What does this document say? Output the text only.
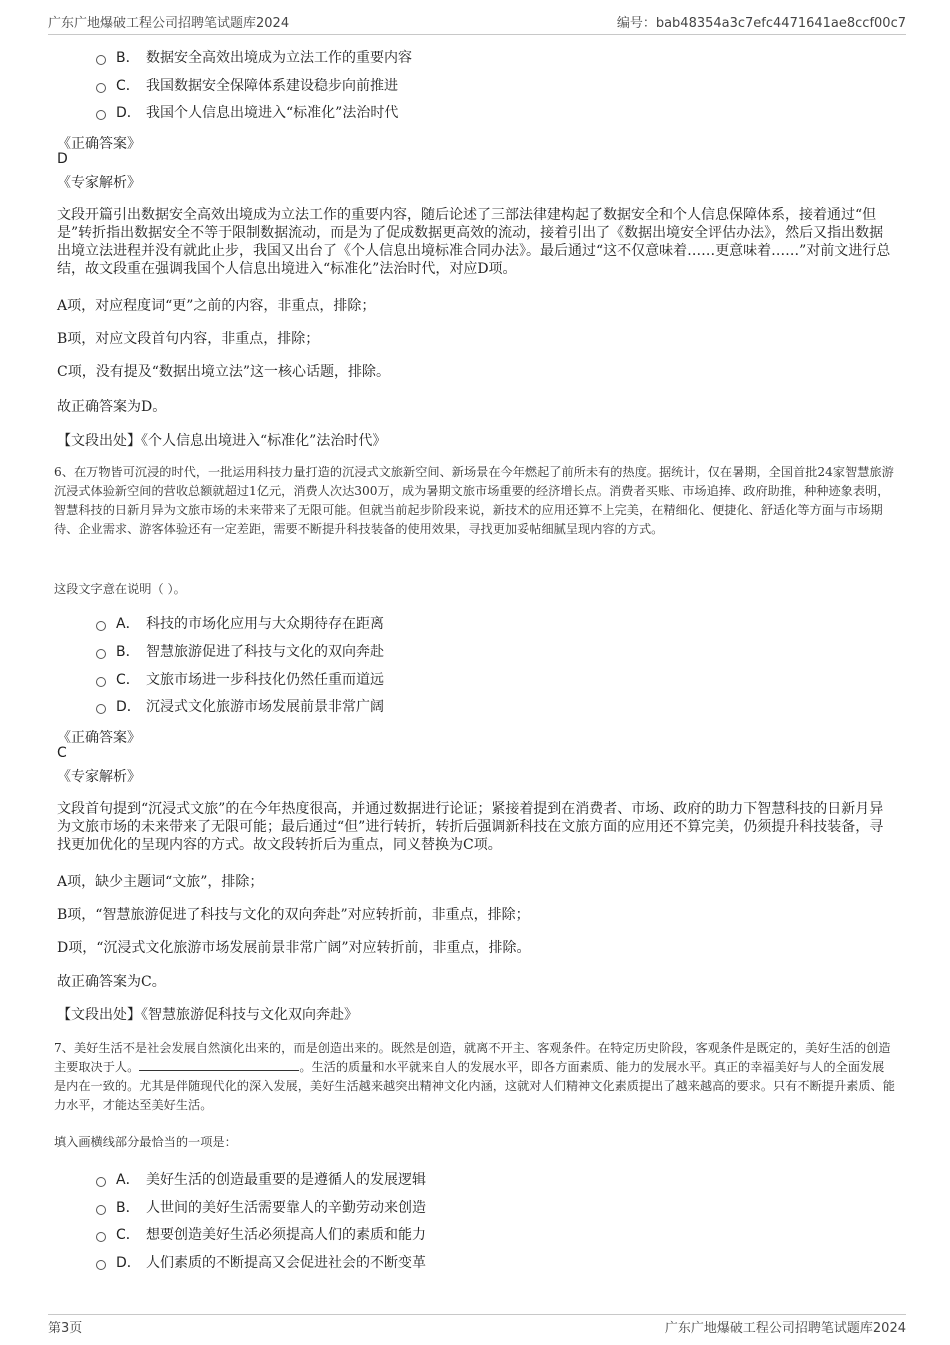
广东广地爆破工程公司招聘笔试题库2024	编号：bab48354a3c7efc4471641ae8ccf00c7
B． 数据安全高效出境成为立法工作的重要内容
C． 我国数据安全保障体系建设稳步向前推进
D． 我国个人信息出境进入“标准化”法治时代
《正确答案》
D
《专家解析》
文段开篇引出数据安全高效出境成为立法工作的重要内容，随后论述了三部法律建构起了数据安全和个人信息保障体系，接着通过“但是”转折指出数据安全不等于限制数据流动，而是为了促成数据更高效的流动，接着引出了《数据出境安全评估办法》，然后又指出数据出境立法进程并没有就此止步，我国又出台了《个人信息出境标准合同办法》。最后通过“这不仅意味着……更意味着……”对前文进行总结，故文段重在强调我国个人信息出境进入“标准化”法治时代，对应D项。
A项，对应程度词“更”之前的内容，非重点，排除；
B项，对应文段首句内容，非重点，排除；
C项，没有提及“数据出境立法”这一核心话题，排除。
故正确答案为D。
【文段出处】《个人信息出境进入“标准化”法治时代》
6、在万物皆可沉浸的时代，一批运用科技力量打造的沉浸式文旅新空间、新场景在今年燃起了前所未有的热度。据统计，仅在暑期，全国首批24家智慧旅游沉浸式体验新空间的营收总额就超过1亿元，消费人次达300万，成为暑期文旅市场重要的经济增长点。消费者买账、市场追捧、政府助推，种种迹象表明，智慧科技的日新月异为文旅市场的未来带来了无限可能。但就当前起步阶段来说，新技术的应用还算不上完美，在精细化、便捷化、舒适化等方面与市场期待、企业需求、游客体验还有一定差距，需要不断提升科技装备的使用效果，寻找更加妥帖细腻呈现内容的方式。
这段文字意在说明（ ）。
A． 科技的市场化应用与大众期待存在距离
B． 智慧旅游促进了科技与文化的双向奔赴
C． 文旅市场进一步科技化仍然任重而道远
D． 沉浸式文化旅游市场发展前景非常广阔
《正确答案》
C
《专家解析》
文段首句提到“沉浸式文旅”的在今年热度很高，并通过数据进行论证；紧接着提到在消费者、市场、政府的助力下智慧科技的日新月异为文旅市场的未来带来了无限可能；最后通过“但”进行转折，转折后强调新科技在文旅方面的应用还不算完美，仍须提升科技装备，寻找更加优化的呈现内容的方式。故文段转折后为重点，同义替换为C项。
A项，缺少主题词“文旅”，排除；
B项，“智慧旅游促进了科技与文化的双向奔赴”对应转折前，非重点，排除；
D项，“沉浸式文化旅游市场发展前景非常广阔”对应转折前，非重点，排除。
故正确答案为C。
【文段出处】《智慧旅游促科技与文化双向奔赴》
7、美好生活不是社会发展自然演化出来的，而是创造出来的。既然是创造，就离不开主、客观条件。在特定历史阶段，客观条件是既定的，美好生活的创造主要取决于人。	。生活的质量和水平就来自人的发展水平，即各方面素质、能力的发展水平。真正的幸福美好与人的全面发展是内在一致的。尤其是伴随现代化的深入发展，美好生活越来越突出精神文化内涵，这就对人们精神文化素质提出了越来越高的要求。只有不断提升素质、能力水平，才能达至美好生活。
填入画横线部分最恰当的一项是：
A． 美好生活的创造最重要的是遵循人的发展逻辑
B． 人世间的美好生活需要靠人的辛勤劳动来创造
C． 想要创造美好生活必须提高人们的素质和能力
D． 人们素质的不断提高又会促进社会的不断变革
第3页	广东广地爆破工程公司招聘笔试题库2024
